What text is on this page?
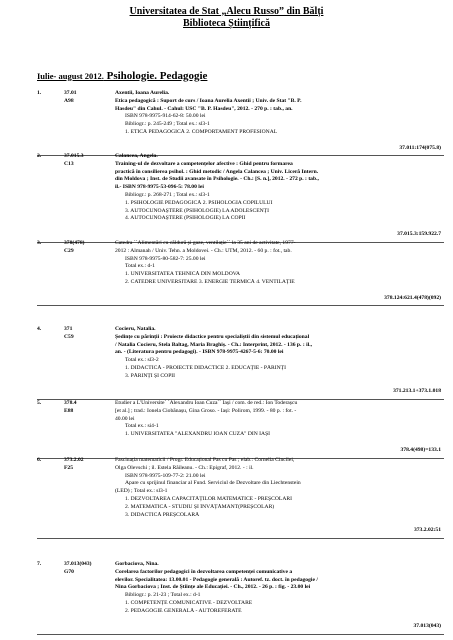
Universitatea de Stat „Alecu Russo” din Bălți
Biblioteca Științifică
Iulie- august 2012. Psihologie. Pedagogie
1.	37.01
A98
Axentii, Ioana Aurelia.
Etica pedagogică : Suport de curs / Ioana Aurelia Axentii ; Univ. de Stat "B. P.
Hasdeu" din Cahul. - Cahul: USC "B. P. Hasdeu", 2012. - 270 p. : tab., an.
ISBN 978-9975-914-62-8: 50.00 lei
Bibliogr.: p. 245-249 ; Total ex.: sl3-1
1. ETICĂ PEDAGOGICĂ 2. COMPORTAMENT PROFESIONAL
37.011:174(075.8)
2.	37.015.3
C13
Calancea, Angela.
Training-ul de dezvoltare a competențelor afective : Ghid pentru formarea
practică în consilierea psihol. : Ghid metodic / Angela Calancea ; Univ. Liceră Intern.
din Moldova ; Inst. de Studii avansate în Psihologie. - Ch.: [S. n.], 2012. - 272 p. : tab.,
il.- ISBN 978-9975-53-096-5: 78.00 lei
Bibliogr.: p. 268-271 ; Total ex.: sl3-1
1. PSIHOLOGIE PEDAGOGICĂ 2. PSIHOLOGIA COPILULUI
3. AUTOCUNOAȘTERE (PSIHOLOGIE) LA ADOLESCENȚI
4. AUTOCUNOAȘTERE (PSIHOLOGIE) LA COPII
37.015.3:159.922.7
3.	378(478)
C29
Catedra ``Alimentări cu căldură și gaze, ventilație`` la 35 ani de activitate, 1977-
2012 : Almanah / Univ. Tehn. a Moldovei. - Ch.: UTM, 2012. - 60 p. : fot., tab.
ISBN 978-9975-80-582-7: 25.00 lei
Total ex.: d-1
1. UNIVERSITATEA TEHNICĂ DIN MOLDOVA
2. CATEDRE UNIVERSITARE 3. ENERGIE TERMICĂ 4. VENTILAȚIE
378.124:621.4(478)(092)
4.	371
C59
Cocieru, Natalia.
Ședințe cu părinții : Proiecte didactice pentru specialiștii din sistemul educațional
/ Natalia Cocieru, Stela Baltag, Maria Braghiș. - Ch.: Interprint, 2012. - 136 p. : il.,
an. - (Literatura pentru pedagogi). - ISBN 978-9975-4267-5-6: 70.00 lei
Total ex.: sl3-2
1. DIDACTICĂ - PROIECTE DIDACTICE 2. EDUCAȚIE - PĂRINȚI
3. PĂRINȚI ȘI COPII
371.213.1+373.1.018
5.	378.4
E88
Etudier a L'Universite` `Alexandru Ioan Cuza`` Iași / com. de red.: Ion Toderașcu
[et al.] ; trad.: Ionela Ciobănașu, Gina Groso. - Iași: Polirom, 1999. - 80 p. : fot. -
40.00 lei
Total ex.: si4-1
1. UNIVERSITATEA "ALEXANDRU IOAN CUZA" DIN IAȘI
378.4(498)=133.1
6.	373.2.02
F25
Fascinația matematicii / Progr. Educațional Pas cu Pas ; elab.: Cornelia Cincilei,
Olga Olevschi ; il. Estela Răileanu. - Ch.: Epigraf, 2012. - : il.
ISBN 978-9975-109-77-2: 21.00 lei
Apare cu sprijinul financiar al Fund. Serviciul de Dezvoltare din Liechtenstein
(LED) ; Total ex.: sl3-1
1. DEZVOLTAREA CAPACITĂȚILOR MATEMATICE - PREȘCOLARI
2. MATEMATICĂ - STUDIU ȘI ÎNVĂȚĂMÂNT(PREȘCOLAR)
3. DIDACTICĂ PREȘCOLARĂ
373.2.02:51
7.	37.013(043)
G70
Gorbaciova, Nina.
Corelarea factorilor pedagogici în dezvoltarea competenței comunicative a
elevilor. Specialitatea: 13.00.01 - Pedagogie generală : Autoref. tz. doct. în pedagogie /
Nina Gorbaciova ; Inst. de Științe ale Educației. - Ch., 2012. - 26 p. : fig. - 23.00 lei
Bibliogr.: p. 21-23 ; Total ex.: d-1
1. COMPETENȚE COMUNICATIVE - DEZVOLTARE
2. PEDAGOGIE GENERALĂ - AUTOREFERATE
37.013(043)
